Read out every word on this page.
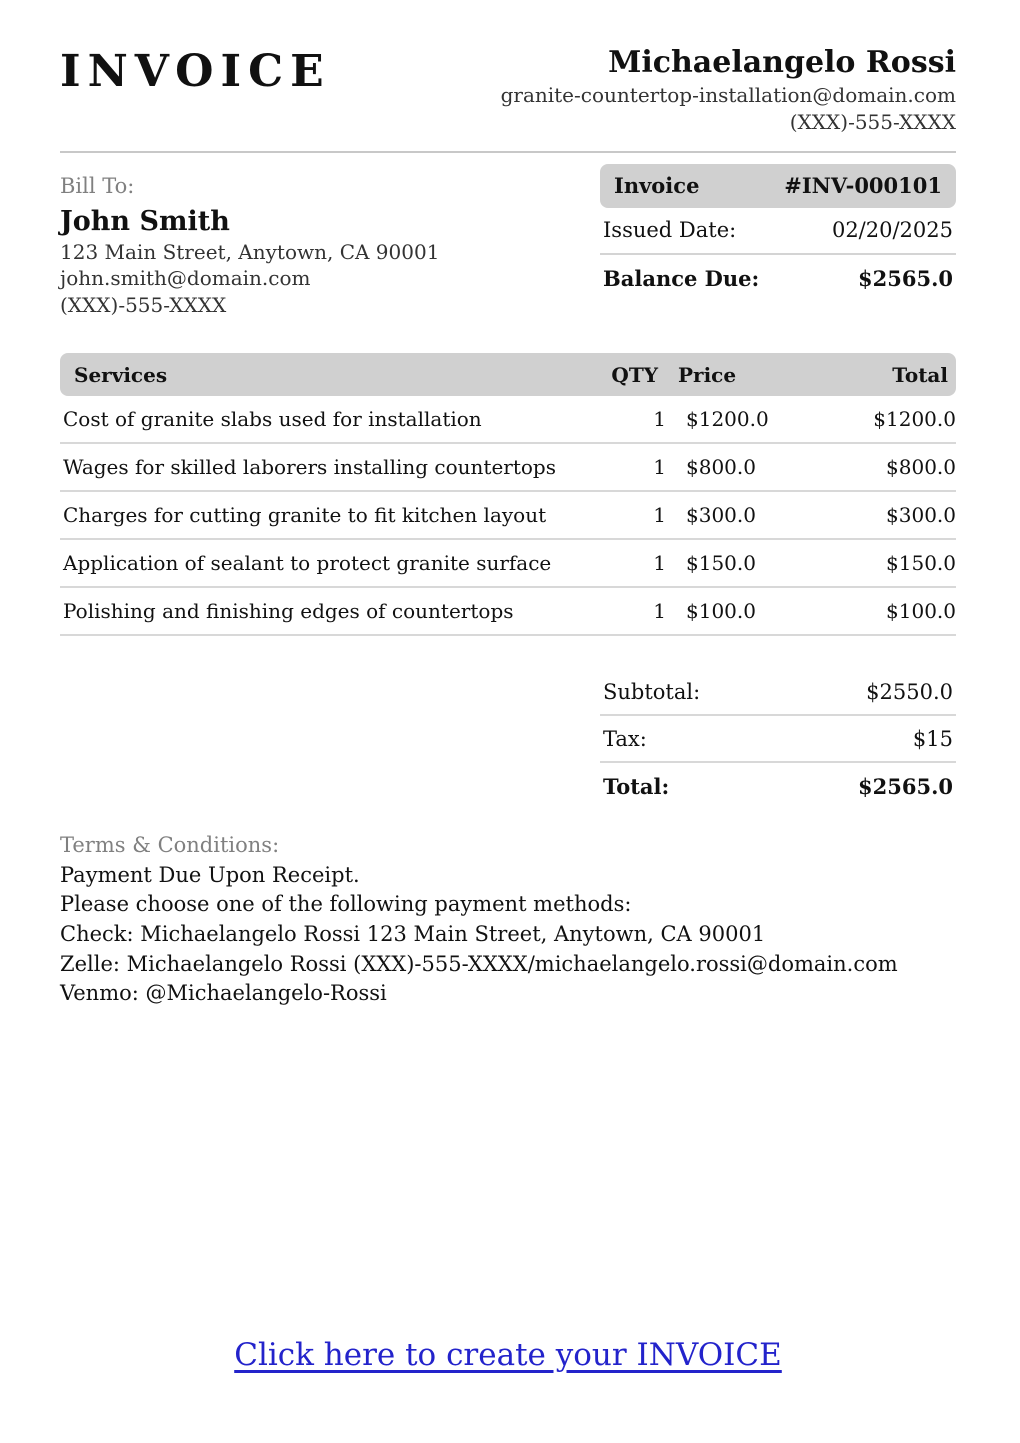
INVOICE	Michaelangelo Rossi
granite-countertop-installation@domain.com
(XXX)-555-XXXX
Bill To:
John Smith
123 Main Street, Anytown, CA 90001
john.smith@domain.com
(XXX)-555-XXXX
Invoice	#INV-000101
Issued Date:	02/20/2025
Balance Due:	$2565.0
Services	QTY	Price	Total
Cost of granite slabs used for installation	1	$1200.0	$1200.0
Wages for skilled laborers installing countertops	1	$800.0	$800.0
Charges for cutting granite to fit kitchen layout	1	$300.0	$300.0
Application of sealant to protect granite surface	1	$150.0	$150.0
Polishing and finishing edges of countertops	1	$100.0	$100.0
Subtotal:	$2550.0
Tax:	$15
Total:	$2565.0
Terms & Conditions:
Payment Due Upon Receipt.
Please choose one of the following payment methods:
Check: Michaelangelo Rossi 123 Main Street, Anytown, CA 90001
Zelle: Michaelangelo Rossi (XXX)-555-XXXX/michaelangelo.rossi@domain.com
Venmo: @Michaelangelo-Rossi
Click here to create your INVOICE
